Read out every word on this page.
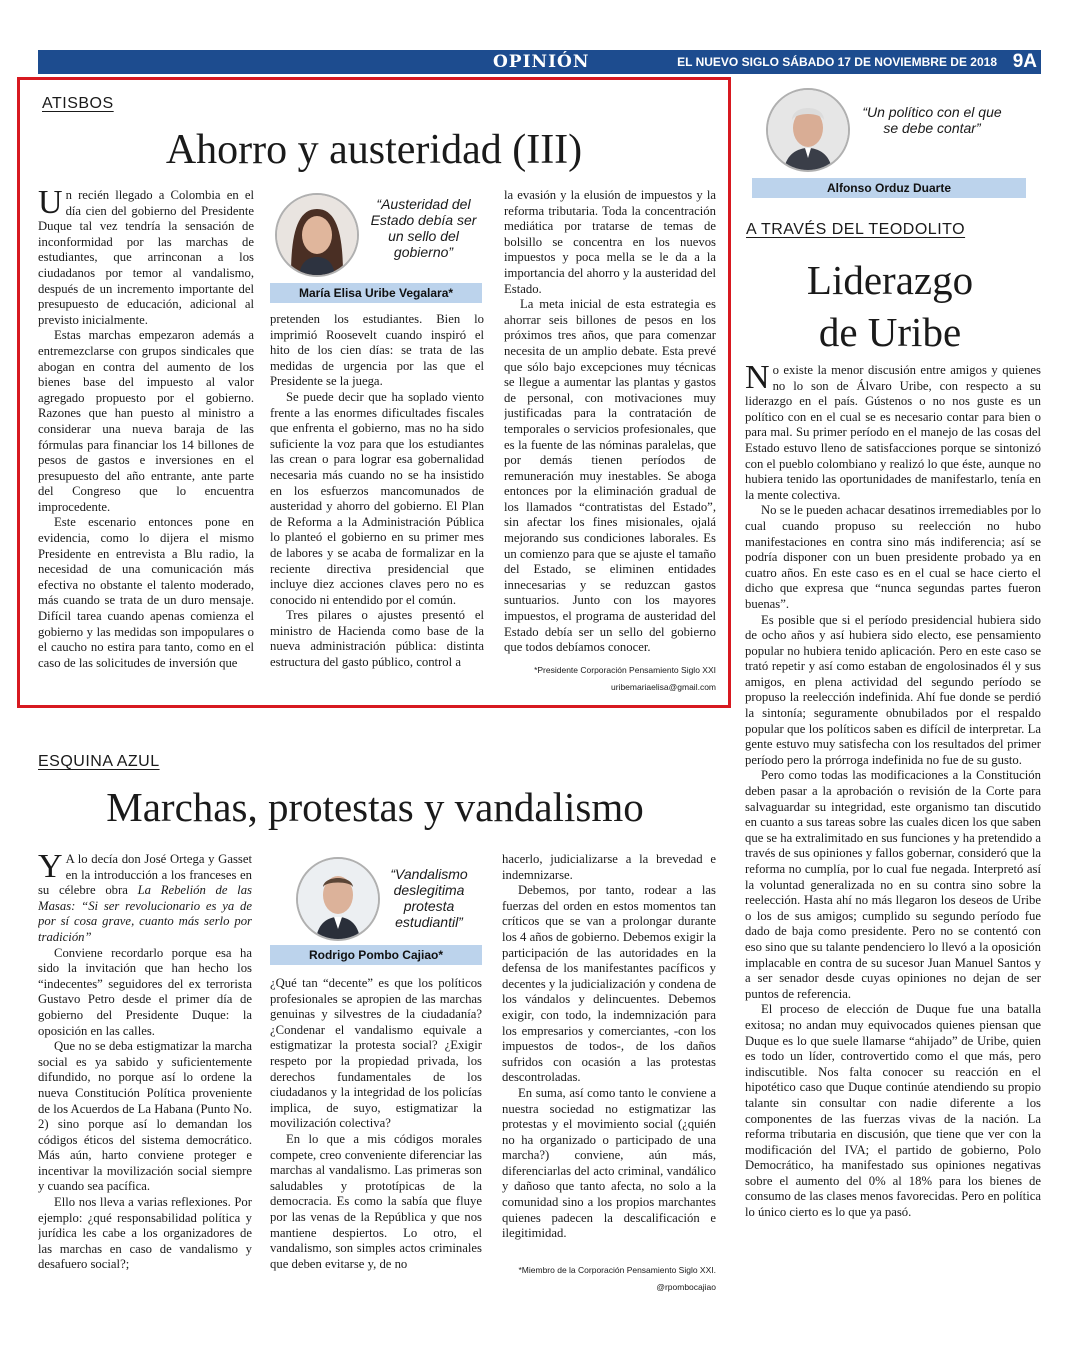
OPINIÓN	EL NUEVO SIGLO SÁBADO 17 DE NOVIEMBRE DE 2018 9A
ATISBOS
Ahorro y austeridad (III)

Un recién llegado a Colombia en el día cien del gobierno del Presidente Duque tal vez tendría la sensación de inconformidad por las marchas de estudiantes, que arrinconan a los ciudadanos por temor al vandalismo, después de un incremento importante del presupuesto de educación, adicional al previsto inicialmente.

Estas marchas empezaron además a entremezclarse con grupos sindicales que abogan en contra del aumento de los bienes base del impuesto al valor agregado propuesto por el gobierno. Razones que han puesto al ministro a considerar una nueva baraja de las fórmulas para financiar los 14 billones de pesos de gastos e inversiones en el presupuesto del año entrante, ante parte del Congreso que lo encuentra improcedente.

Este escenario entonces pone en evidencia, como lo dijera el mismo Presidente en entrevista a Blu radio, la necesidad de una comunicación más efectiva no obstante el talento moderado, más cuando se trata de un duro mensaje. Difícil tarea cuando apenas comienza el gobierno y las medidas son impopulares o el caucho no estira para tanto, como en el caso de las solicitudes de inversión que

“Austeridad del Estado debía ser un sello del gobierno”
María Elisa Uribe Vegalara*

pretenden los estudiantes. Bien lo imprimió Roosevelt cuando inspiró el hito de los cien días: se trata de las medidas de urgencia por las que el Presidente se la juega.

Se puede decir que ha soplado viento frente a las enormes dificultades fiscales que enfrenta el gobierno, mas no ha sido suficiente la voz para que los estudiantes las crean o para lograr esa gobernalidad necesaria más cuando no se ha insistido en los esfuerzos mancomunados de austeridad y ahorro del gobierno. El Plan de Reforma a la Administración Pública lo planteó el gobierno en su primer mes de labores y se acaba de formalizar en la reciente directiva presidencial que incluye diez acciones claves pero no es conocido ni entendido por el común.

Tres pilares o ajustes presentó el ministro de Hacienda como base de la nueva administración pública: distinta estructura del gasto público, control a

la evasión y la elusión de impuestos y la reforma tributaria. Toda la concentración mediática por tratarse de temas de bolsillo se concentra en los nuevos impuestos y poca mella se le da a la importancia del ahorro y la austeridad del Estado.

La meta inicial de esta estrategia es ahorrar seis billones de pesos en los próximos tres años, que para comenzar necesita de un amplio debate. Esta prevé que sólo bajo excepciones muy técnicas se llegue a aumentar las plantas y gastos de personal, con motivaciones muy justificadas para la contratación de temporales o servicios profesionales, que es la fuente de las nóminas paralelas, que por demás tienen períodos de remuneración muy inestables. Se aboga entonces por la eliminación gradual de los llamados “contratistas del Estado”, sin afectar los fines misionales, ojalá mejorando sus condiciones laborales. Es un comienzo para que se ajuste el tamaño del Estado, se eliminen entidades innecesarias y se reduzcan gastos suntuarios. Junto con los mayores impuestos, el programa de austeridad del Estado debía ser un sello del gobierno que todos debíamos conocer.

*Presidente Corporación Pensamiento Siglo XXI
uribemariaelisa@gmail.com
ESQUINA AZUL
Marchas, protestas y vandalismo

Y A lo decía don José Ortega y Gasset en la introducción a los franceses en su célebre obra La Rebelión de las Masas: “Si ser revolucionario es ya de por sí cosa grave, cuanto más serlo por tradición”

Conviene recordarlo porque esa ha sido la invitación que han hecho los “indecentes” seguidores del ex terrorista Gustavo Petro desde el primer día de gobierno del Presidente Duque: la oposición en las calles.

Que no se deba estigmatizar la marcha social es ya sabido y suficientemente difundido, no porque así lo ordene la nueva Constitución Política proveniente de los Acuerdos de La Habana (Punto No. 2) sino porque así lo demandan los códigos éticos del sistema democrático. Más aún, harto conviene proteger e incentivar la movilización social siempre y cuando sea pacífica.

Ello nos lleva a varias reflexiones. Por ejemplo: ¿qué responsabilidad política y jurídica les cabe a los organizadores de las marchas en caso de vandalismo y desafuero social?;

“Vandalismo deslegitima protesta estudiantil”
Rodrigo Pombo Cajiao*

¿Qué tan “decente” es que los políticos profesionales se apropien de las marchas genuinas y silvestres de la ciudadanía? ¿Condenar el vandalismo equivale a estigmatizar la protesta social? ¿Exigir respeto por la propiedad privada, los derechos fundamentales de los ciudadanos y la integridad de los policías implica, de suyo, estigmatizar la movilización colectiva?

En lo que a mis códigos morales compete, creo conveniente diferenciar las marchas al vandalismo. Las primeras son saludables y prototípicas de la democracia. Es como la sabía que fluye por las venas de la República y que nos mantiene despiertos. Lo otro, el vandalismo, son simples actos criminales que deben evitarse y, de no

hacerlo, judicializarse a la brevedad e indemnizarse.

Debemos, por tanto, rodear a las fuerzas del orden en estos momentos tan críticos que se van a prolongar durante los 4 años de gobierno. Debemos exigir la participación de las autoridades en la defensa de los manifestantes pacíficos y decentes y la judicialización y condena de los vándalos y delincuentes. Debemos exigir, con todo, la indemnización para los empresarios y comerciantes, -con los impuestos de todos-, de los daños sufridos con ocasión a las protestas descontroladas.

En suma, así como tanto le conviene a nuestra sociedad no estigmatizar las protestas y el movimiento social (¿quién no ha organizado o participado de una marcha?) conviene, aún más, diferenciarlas del acto criminal, vandálico y dañoso que tanto afecta, no solo a la comunidad sino a los propios marchantes quienes padecen la descalificación e ilegitimidad.

*Miembro de la Corporación Pensamiento Siglo XXI.
@rpombocajiao
“Un político con el que se debe contar”
Alfonso Orduz Duarte
A TRAVÉS DEL TEODOLITO
Liderazgo
de Uribe

No existe la menor discusión entre amigos y quienes no lo son de Álvaro Uribe, con respecto a su liderazgo en el país. Gústenos o no nos guste es un político con en el cual se es necesario contar para bien o para mal. Su primer período en el manejo de las cosas del Estado estuvo lleno de satisfacciones porque se sintonizó con el pueblo colombiano y realizó lo que éste, aunque no hubiera tenido las oportunidades de manifestarlo, tenía en la mente colectiva.

No se le pueden achacar desatinos irremediables por lo cual cuando propuso su reelección no hubo manifestaciones en contra sino más indiferencia; así se podría disponer con un buen presidente probado ya en cuatro años. En este caso es en el cual se hace cierto el dicho que expresa que “nunca segundas partes fueron buenas”.

Es posible que si el período presidencial hubiera sido de ocho años y así hubiera sido electo, ese pensamiento popular no hubiera tenido aplicación. Pero en este caso se trató repetir y así como estaban de engolosinados él y sus amigos, en plena actividad del segundo período se propuso la reelección indefinida. Ahí fue donde se perdió la sintonía; seguramente obnubilados por el respaldo popular que los políticos saben es difícil de interpretar. La gente estuvo muy satisfecha con los resultados del primer período pero la prórroga indefinida no fue de su gusto.

Pero como todas las modificaciones a la Constitución deben pasar a la aprobación o revisión de la Corte para salvaguardar su integridad, este organismo tan discutido en cuanto a sus tareas sobre las cuales dicen los que saben que se ha extralimitado en sus funciones y ha pretendido a través de sus opiniones y fallos gobernar, consideró que la reforma no cumplía, por lo cual fue negada. Interpretó así la voluntad generalizada no en su contra sino sobre la reelección. Hasta ahí no más llegaron los deseos de Uribe o los de sus amigos; cumplido su segundo período fue dado de baja como presidente. Pero no se contentó con eso sino que su talante pendenciero lo llevó a la oposición implacable en contra de su sucesor Juan Manuel Santos y a ser senador desde cuyas opiniones no dejan de ser puntos de referencia.

El proceso de elección de Duque fue una batalla exitosa; no andan muy equivocados quienes piensan que Duque es lo que suele llamarse “ahijado” de Uribe, quien es todo un líder, controvertido como el que más, pero indiscutible. Nos falta conocer su reacción en el hipotético caso que Duque continúe atendiendo su propio talante sin consultar con nadie diferente a los componentes de las fuerzas vivas de la nación. La reforma tributaria en discusión, que tiene que ver con la modificación del IVA; el partido de gobierno, Polo Democrático, ha manifestado sus opiniones negativas sobre el aumento del 0% al 18% para los bienes de consumo de las clases menos favorecidas. Pero en política lo único cierto es lo que ya pasó.
